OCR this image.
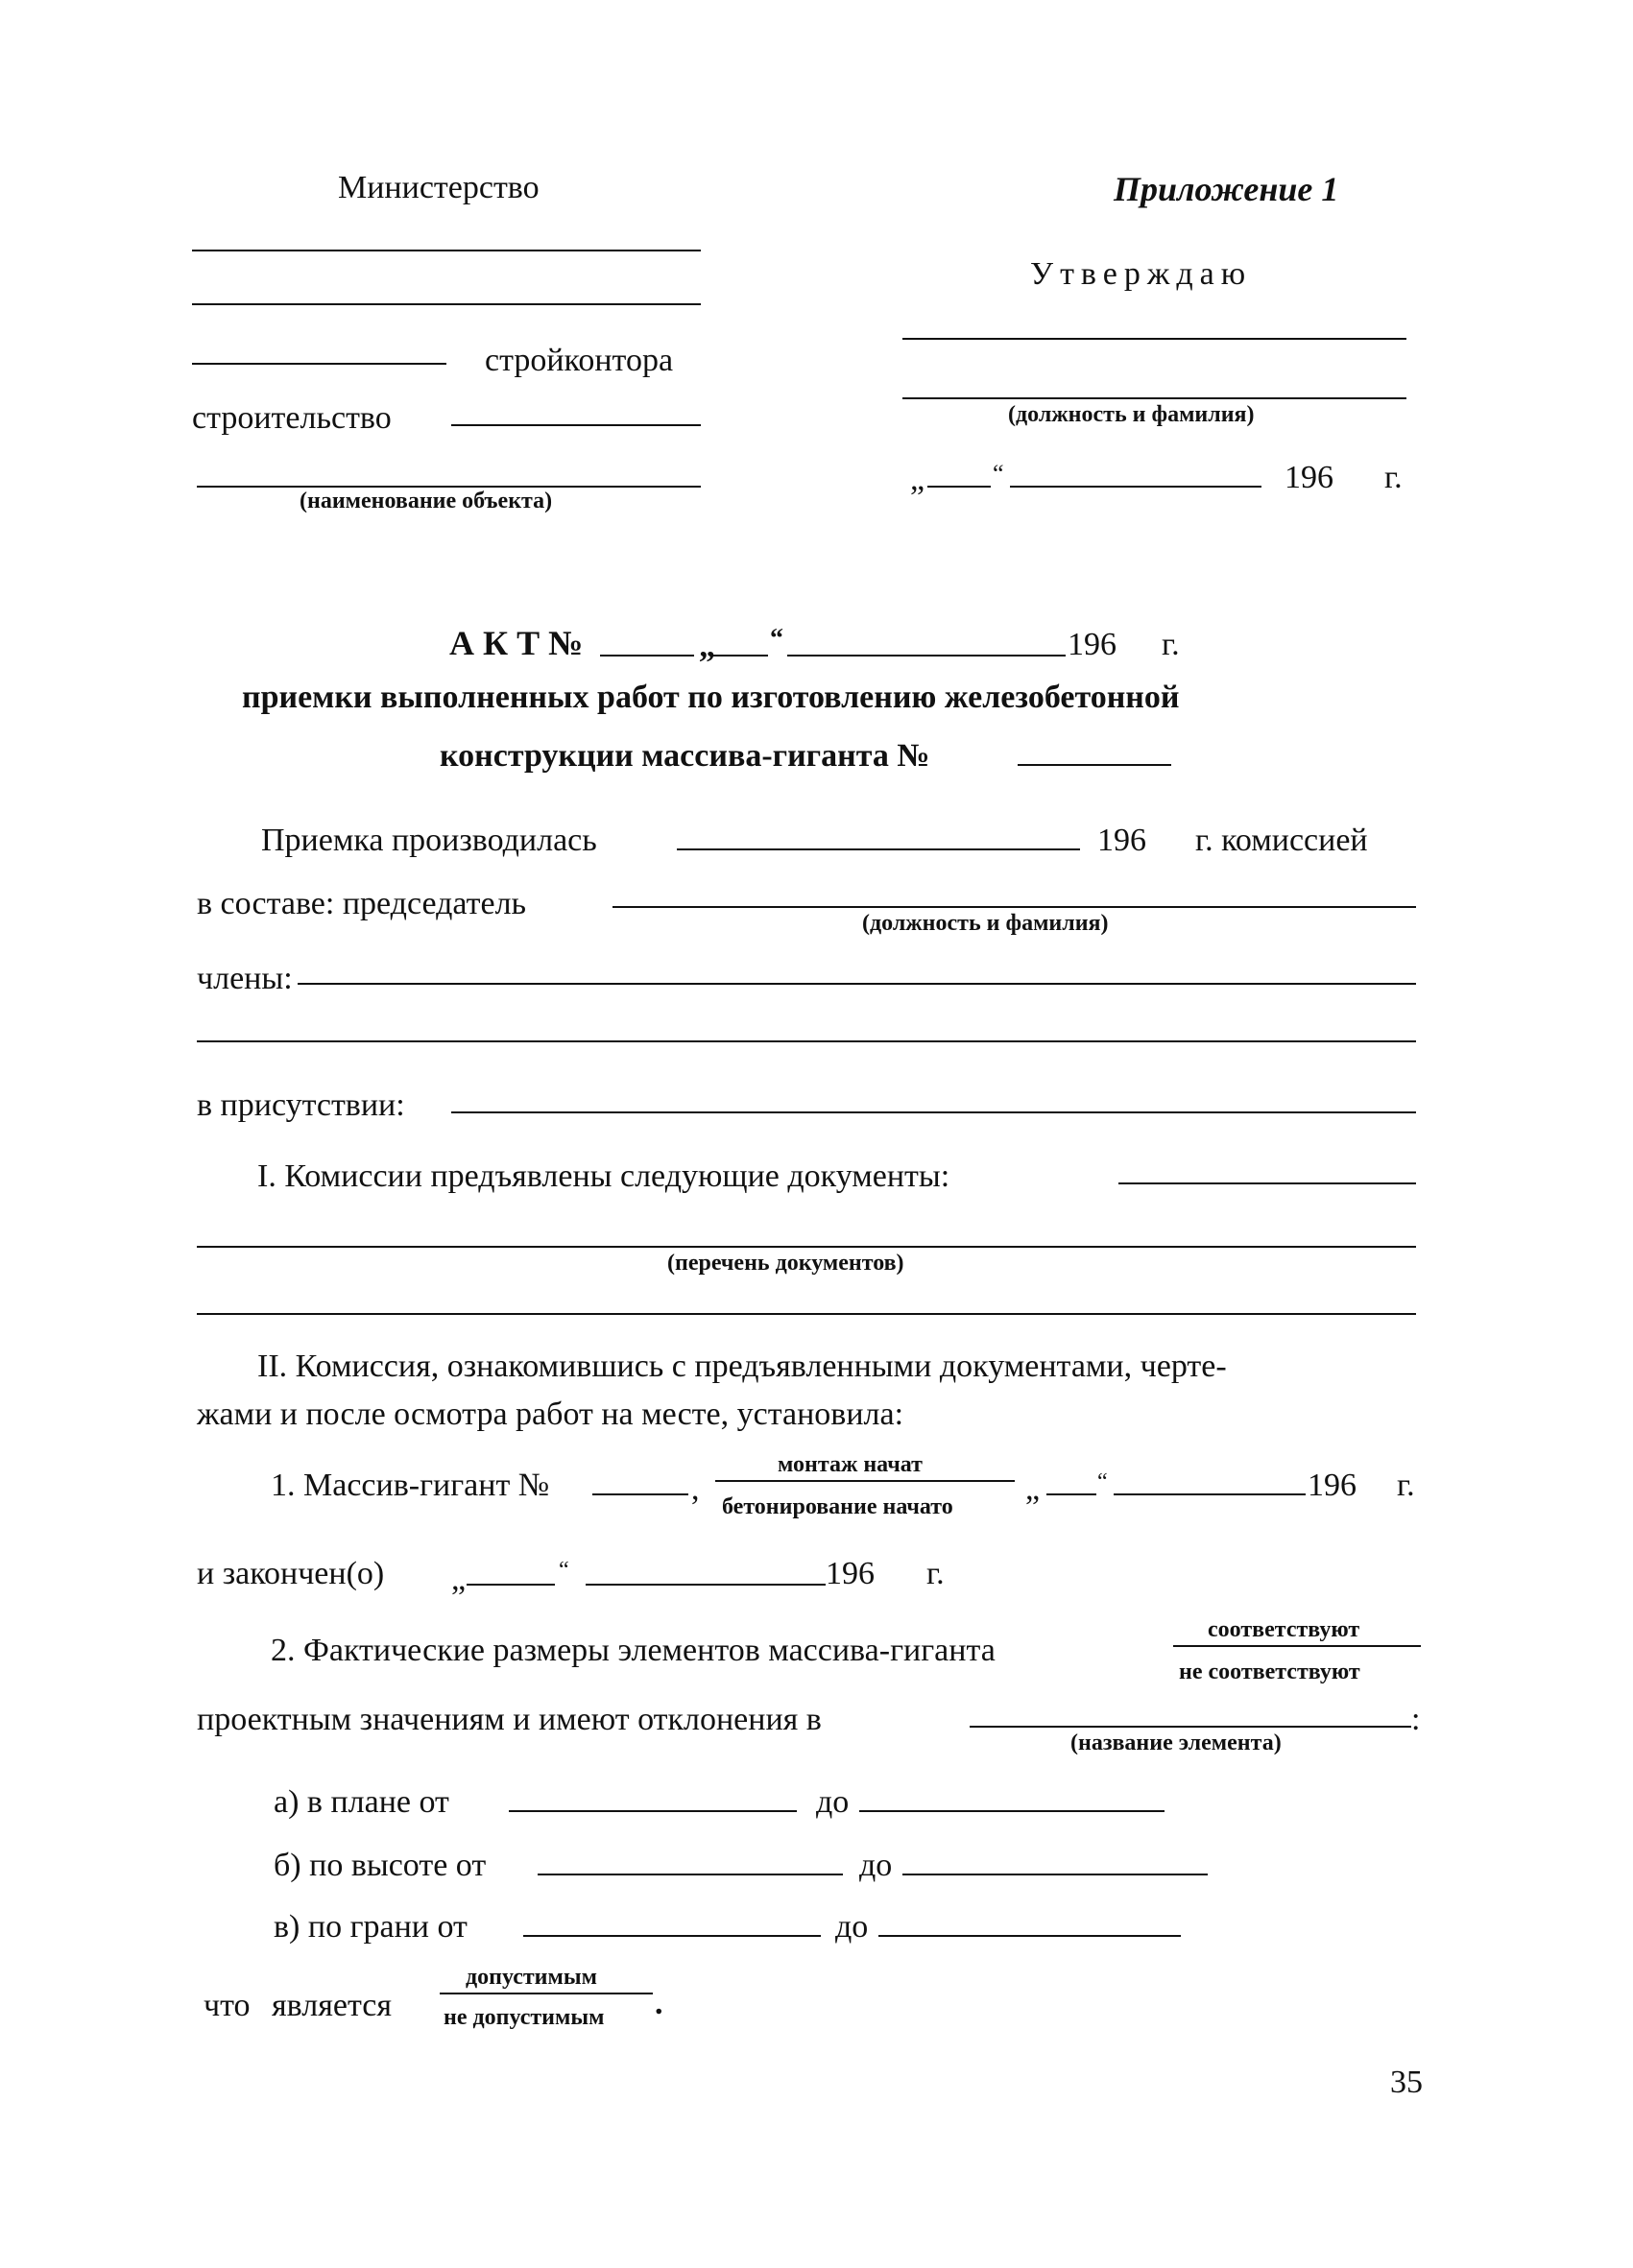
Министерство
стройконтора
строительство
(наименование объекта)
Приложение 1
Утверждаю
(должность и фамилия)
„	“	196 г.
А К Т №	„ “	196 г.
приемки выполненных работ по изготовлению железобетонной
конструкции массива-гиганта №
Приемка производилась	196 г. комиссией
в составе: председатель
(должность и фамилия)
члены:
в присутствии:
I. Комиссии предъявлены следующие документы:
(перечень документов)
II. Комиссия, ознакомившись с предъявленными документами, черте-
жами и после осмотра работ на месте, установила:
1. Массив-гигант №	,
монтаж начат
бетонирование начато „ “	196 г.
и закончен(о) „	“	196 г.
2. Фактические размеры элементов массива-гиганта
соответствуют
не соответствуют
проектным значениям и имеют отклонения в	:
(название элемента)
а) в плане от	до
б) по высоте от	до
в) по грани от	до
что является
допустимым
не допустимым .
35
